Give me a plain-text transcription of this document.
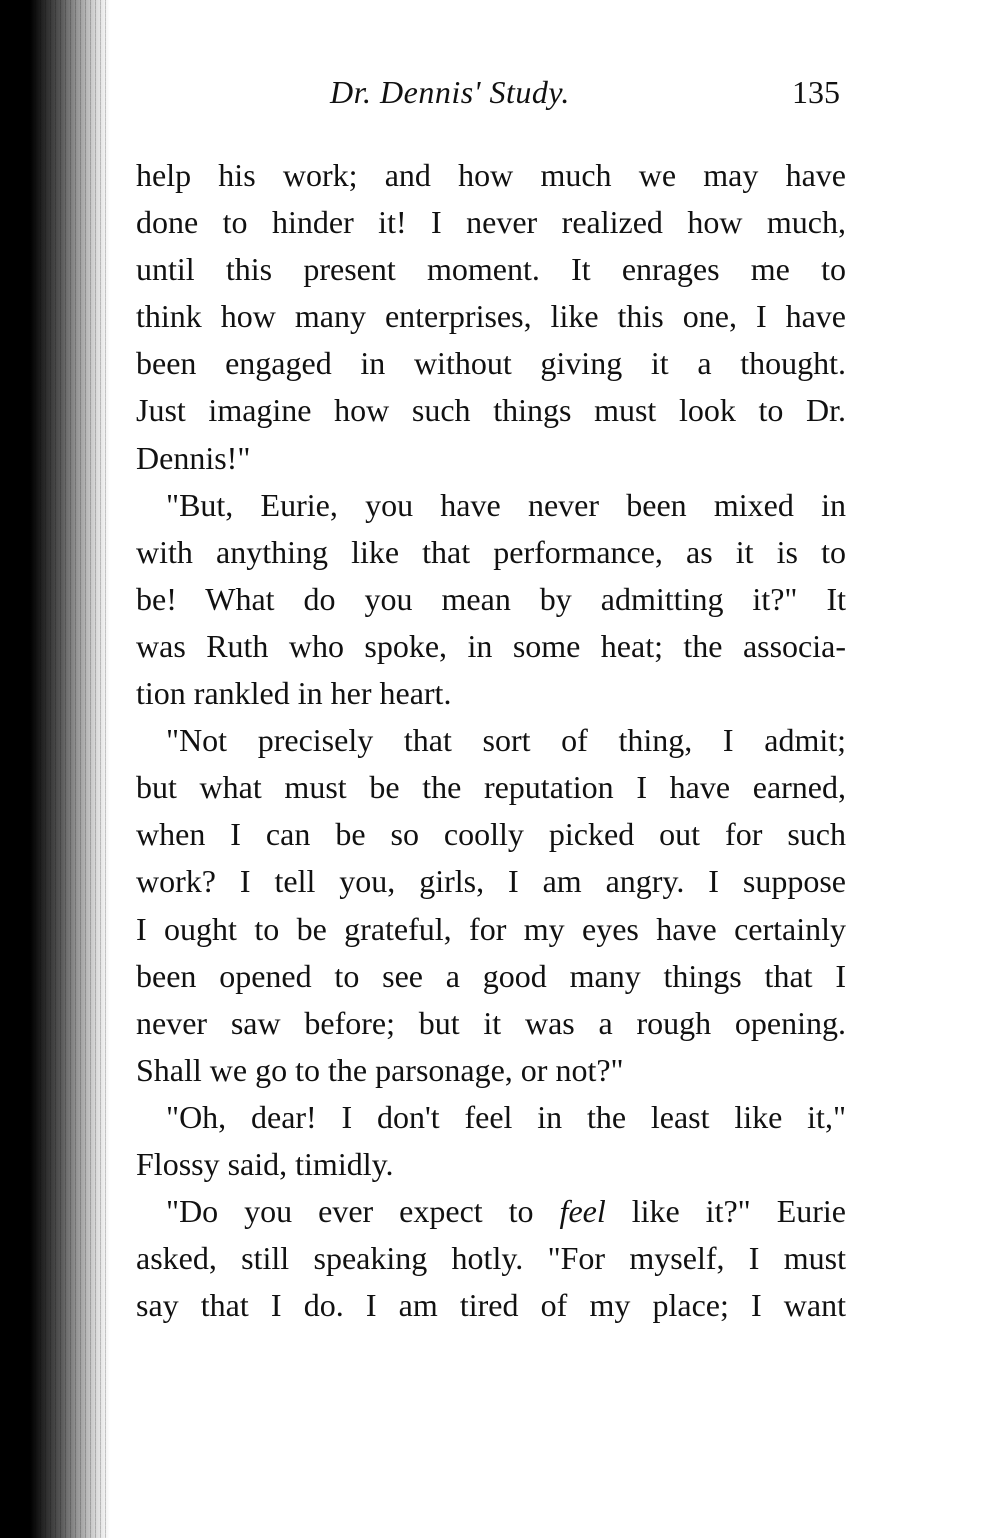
Dr. Dennis' Study.	135
help his work; and how much we may have
done to hinder it! I never realized how much,
until this present moment. It enrages me to
think how many enterprises, like this one, I have
been engaged in without giving it a thought.
Just imagine how such things must look to Dr.
Dennis!"
"But, Eurie, you have never been mixed in
with anything like that performance, as it is to
be! What do you mean by admitting it?" It
was Ruth who spoke, in some heat; the associa-
tion rankled in her heart.
"Not precisely that sort of thing, I admit;
but what must be the reputation I have earned,
when I can be so coolly picked out for such
work? I tell you, girls, I am angry. I suppose
I ought to be grateful, for my eyes have certainly
been opened to see a good many things that I
never saw before; but it was a rough opening.
Shall we go to the parsonage, or not?"
"Oh, dear! I don't feel in the least like it,"
Flossy said, timidly.
"Do you ever expect to feel like it?" Eurie
asked, still speaking hotly. "For myself, I must
say that I do. I am tired of my place; I want
